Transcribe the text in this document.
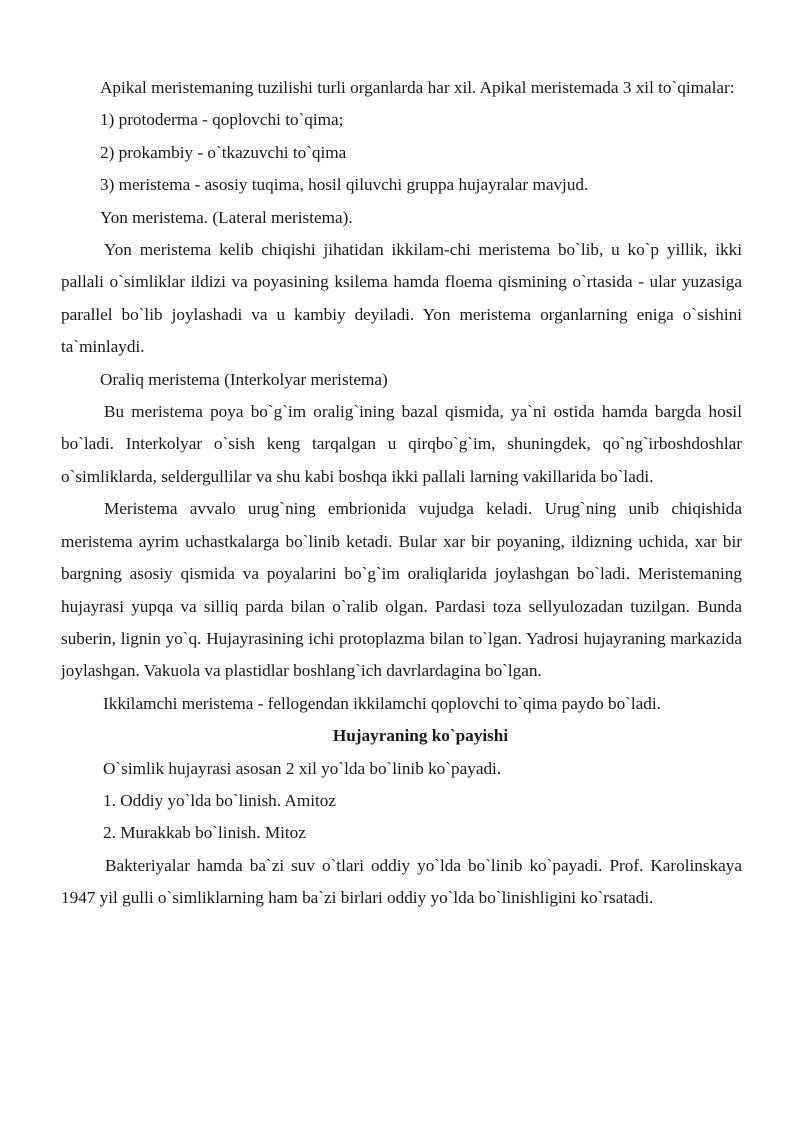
Apikal meristemaning tuzilishi turli organlarda har xil. Apikal meristemada 3 xil to`qimalar:

1) protoderma - qoplovchi to`qima;

2) prokambiy - o`tkazuvchi to`qima

3) meristema - asosiy tuqima, hosil qiluvchi gruppa hujayralar mavjud.

Yon meristema. (Lateral meristema).

Yon meristema kelib chiqishi jihatidan ikkilam-chi meristema bo`lib, u ko`p yillik, ikki pallali o`simliklar ildizi va poyasining ksilema hamda floema qismining o`rtasida - ular yuzasiga parallel bo`lib joylashadi va u kambiy deyiladi. Yon meristema organlarning eniga o`sishini ta`minlaydi.

Oraliq meristema (Interkolyar meristema)

Bu meristema poya bo`g`im oralig`ining bazal qismida, ya`ni ostida hamda bargda hosil bo`ladi. Interkolyar o`sish keng tarqalgan u qirqbo`g`im, shuningdek, qo`ng`irboshdoshlar o`simliklarda, seldergullilar va shu kabi boshqa ikki pallali larning vakillarida bo`ladi.

Meristema avvalo urug`ning embrionida vujudga keladi. Urug`ning unib chiqishida meristema ayrim uchastkalarga bo`linib ketadi. Bular xar bir poyaning, ildizning uchida, xar bir bargning asosiy qismida va poyalarini bo`g`im oraliqlarida joylashgan bo`ladi. Meristemaning hujayrasi yupqa va silliq parda bilan o`ralib olgan. Pardasi toza sellyulozadan tuzilgan. Bunda suberin, lignin yo`q. Hujayrasining ichi protoplazma bilan to`lgan. Yadrosi hujayraning markazida joylashgan. Vakuola va plastidlar boshlang`ich davrlardagina bo`lgan.

Ikkilamchi meristema - fellogendan ikkilamchi qoplovchi to`qima paydo bo`ladi.

Hujayraning ko`payishi

O`simlik hujayrasi asosan 2 xil yo`lda bo`linib ko`payadi.

1. Oddiy yo`lda bo`linish. Amitoz

2. Murakkab bo`linish. Mitoz

Bakteriyalar hamda ba`zi suv o`tlari oddiy yo`lda bo`linib ko`payadi. Prof. Karolinskaya 1947 yil gulli o`simliklarning ham ba`zi birlari oddiy yo`lda bo`linishligini ko`rsatadi.
